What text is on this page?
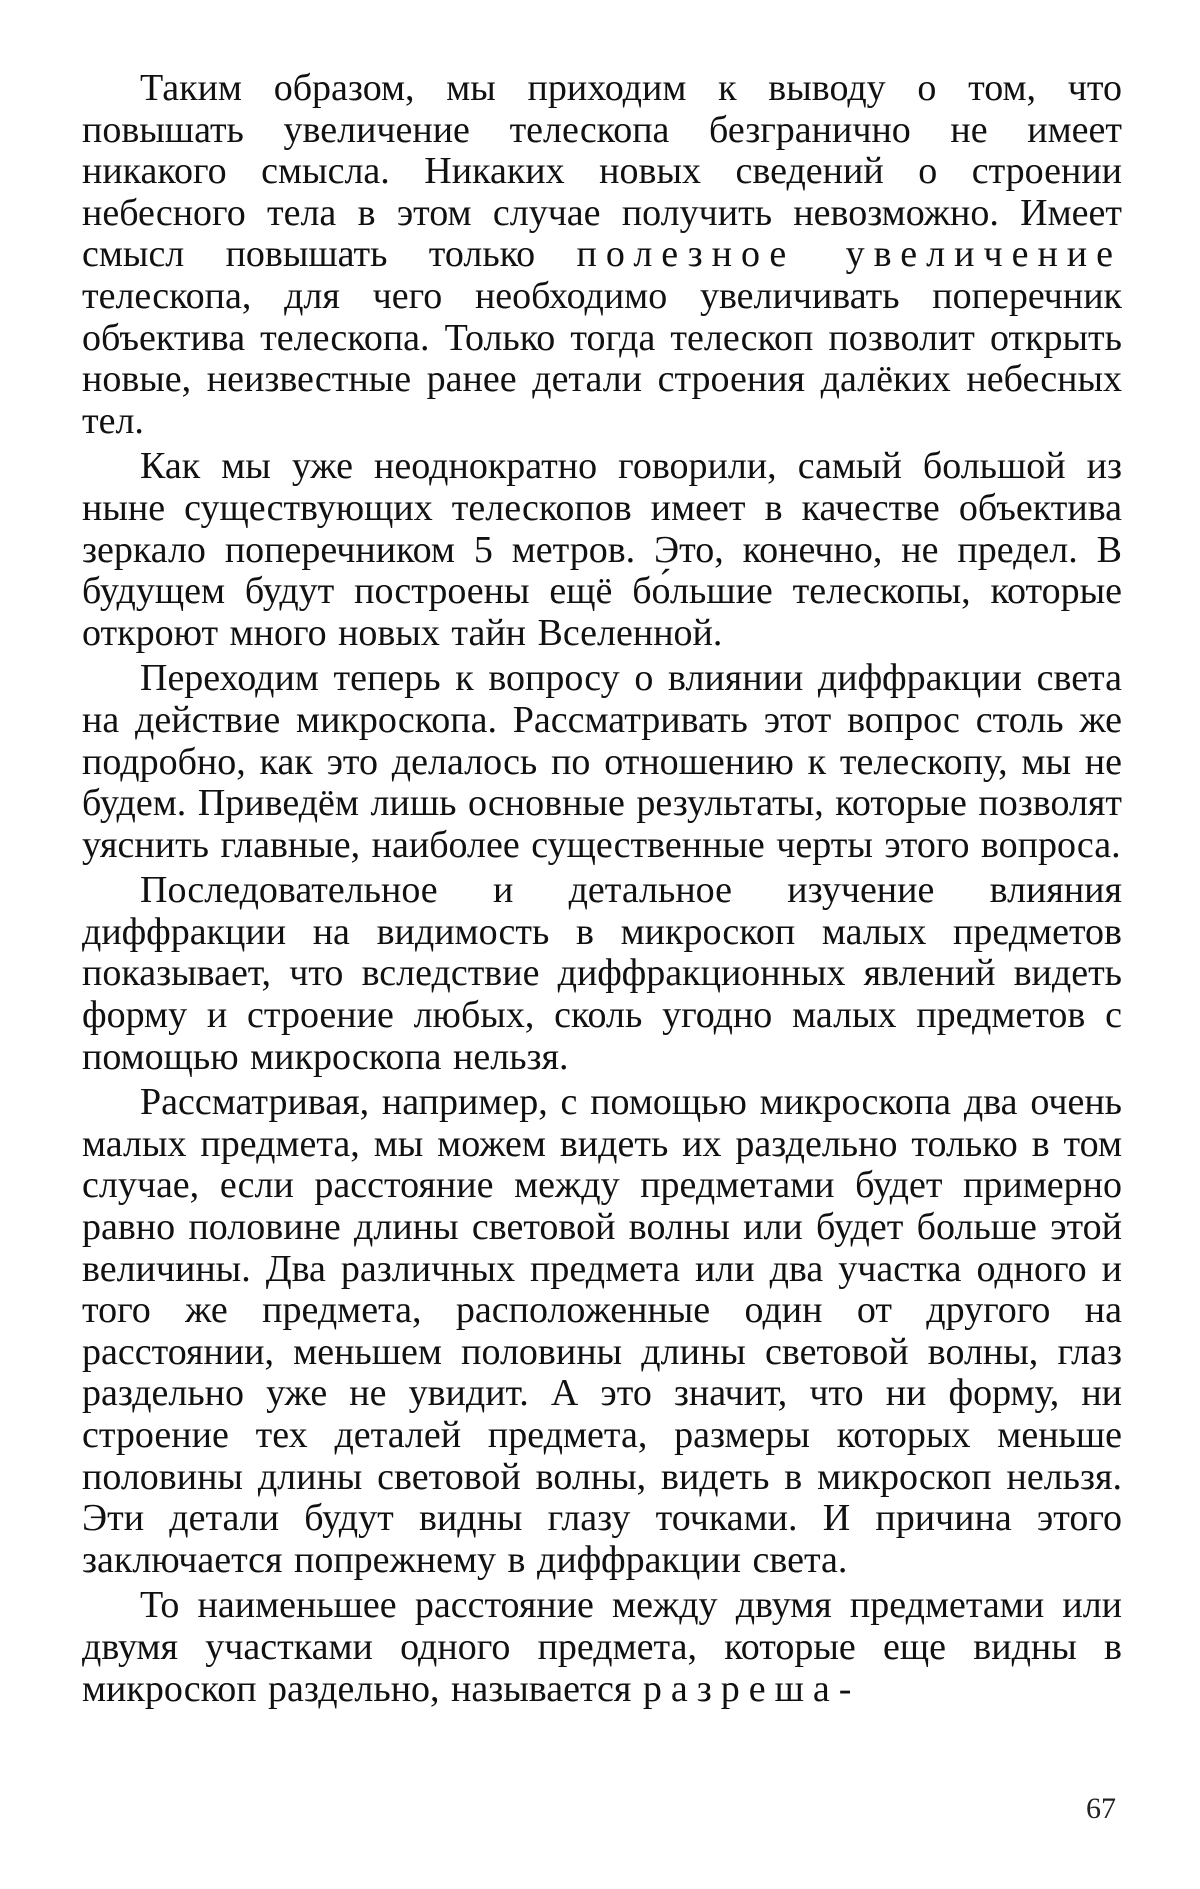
Таким образом, мы приходим к выводу о том, что повышать увеличение телескопа безгранично не имеет никакого смысла. Никаких новых сведений о строении небесного тела в этом случае получить невозможно. Имеет смысл повышать только полезное увеличение телескопа, для чего необходимо увеличивать поперечник объектива телескопа. Только тогда телескоп позволит открыть новые, неизвестные ранее детали строения далёких небесных тел.

Как мы уже неоднократно говорили, самый большой из ныне существующих телескопов имеет в качестве объектива зеркало поперечником 5 метров. Это, конечно, не предел. В будущем будут построены ещё бо́льшие телескопы, которые откроют много новых тайн Вселенной.

Переходим теперь к вопросу о влиянии диффракции света на действие микроскопа. Рассматривать этот вопрос столь же подробно, как это делалось по отношению к телескопу, мы не будем. Приведём лишь основные результаты, которые позволят уяснить главные, наиболее существенные черты этого вопроса.

Последовательное и детальное изучение влияния диффракции на видимость в микроскоп малых предметов показывает, что вследствие диффракционных явлений видеть форму и строение любых, сколь угодно малых предметов с помощью микроскопа нельзя.

Рассматривая, например, с помощью микроскопа два очень малых предмета, мы можем видеть их раздельно только в том случае, если расстояние между предметами будет примерно равно половине длины световой волны или будет больше этой величины. Два различных предмета или два участка одного и того же предмета, расположенные один от другого на расстоянии, меньшем половины длины световой волны, глаз раздельно уже не увидит. А это значит, что ни форму, ни строение тех деталей предмета, размеры которых меньше половины длины световой волны, видеть в микроскоп нельзя. Эти детали будут видны глазу точками. И причина этого заключается попрежнему в диффракции света.

То наименьшее расстояние между двумя предметами или двумя участками одного предмета, которые еще видны в микроскоп раздельно, называется разреша-

67
